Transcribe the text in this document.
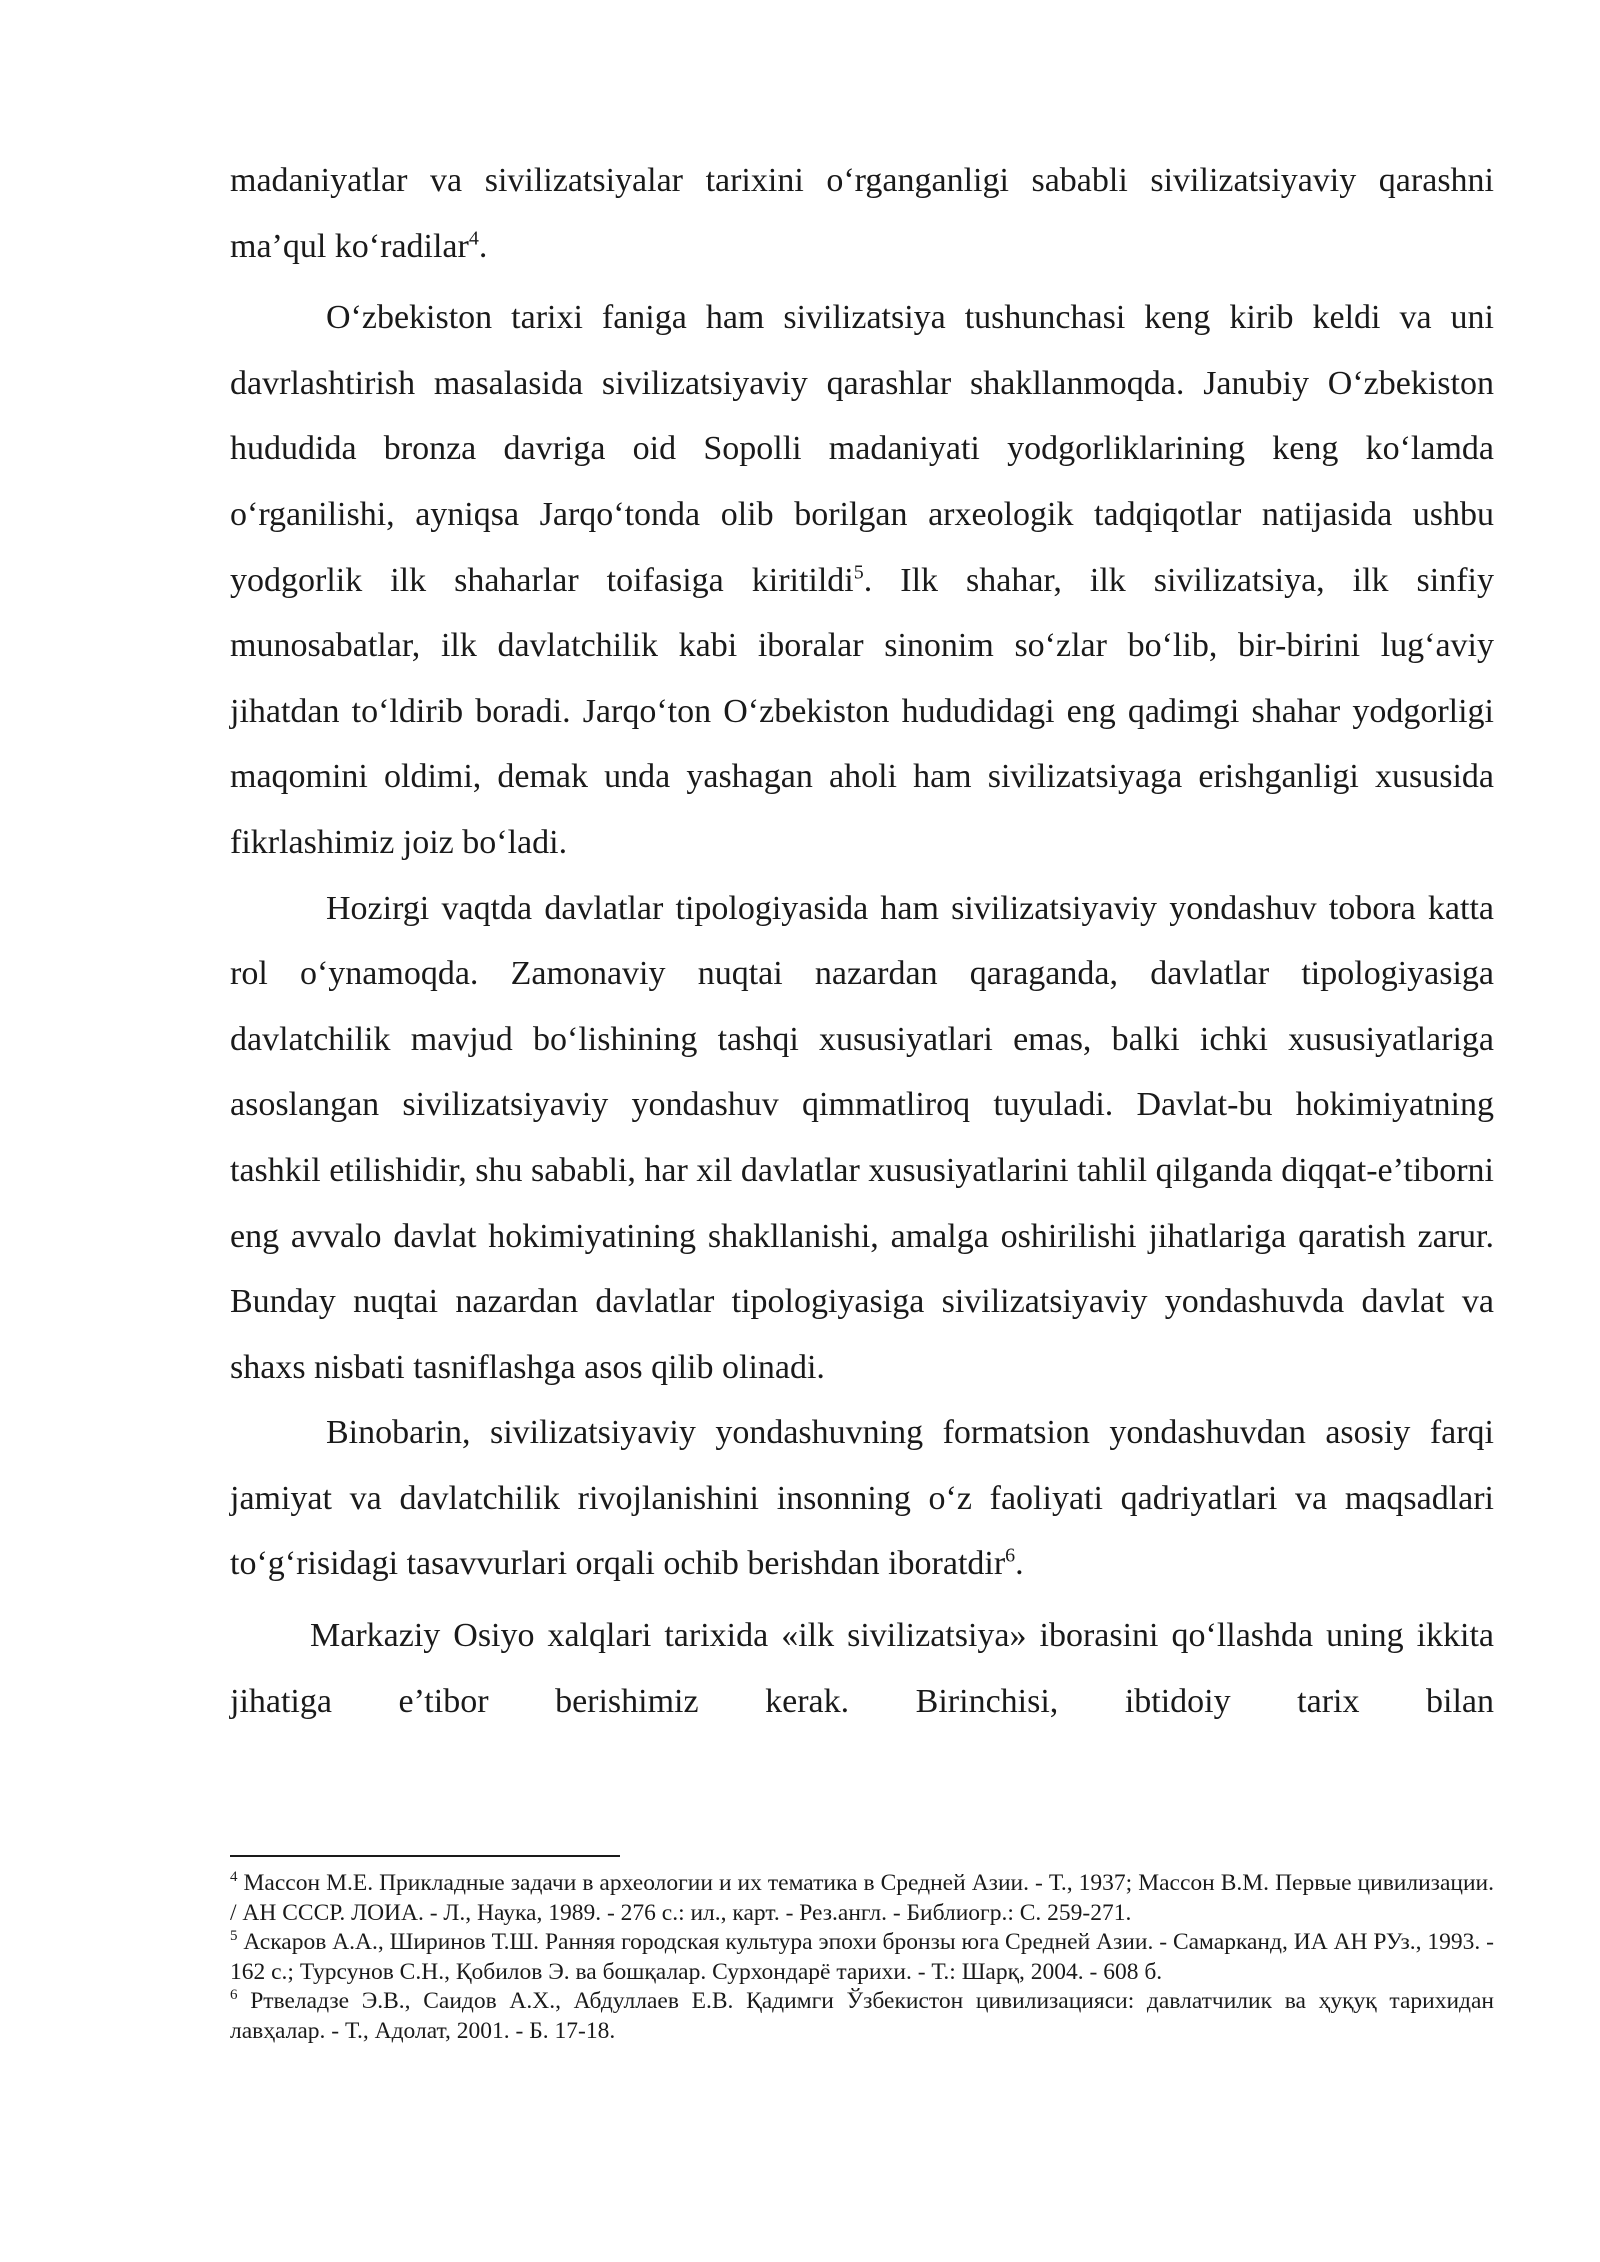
madaniyatlar va sivilizatsiyalar tarixini o‘rganganligi sababli sivilizatsiyaviy qarashni ma’qul ko‘radilar$^4$.

O‘zbekiston tarixi faniga ham sivilizatsiya tushunchasi keng kirib keldi va uni davrlashtirish masalasida sivilizatsiyaviy qarashlar shakllanmoqda. Janubiy O‘zbekiston hududida bronza davriga oid Sopolli madaniyati yodgorliklarining keng ko‘lamda o‘rganilishi, ayniqsa Jarqo‘tonda olib borilgan arxeologik tadqiqotlar natijasida ushbu yodgorlik ilk shaharlar toifasiga kiritildi$^5$. Ilk shahar, ilk sivilizatsiya, ilk sinfiy munosabatlar, ilk davlatchilik kabi iboralar sinonim so‘zlar bo‘lib, bir-birini lug‘aviy jihatdan to‘ldirib boradi. Jarqo‘ton O‘zbekiston hududidagi eng qadimgi shahar yodgorligi maqomini oldimi, demak unda yashagan aholi ham sivilizatsiyaga erishganligi xususida fikrlashimiz joiz bo‘ladi.

Hozirgi vaqtda davlatlar tipologiyasida ham sivilizatsiyaviy yondashuv tobora katta rol o‘ynamoqda. Zamonaviy nuqtai nazardan qaraganda, davlatlar tipologiyasiga davlatchilik mavjud bo‘lishining tashqi xususiyatlari emas, balki ichki xususiyatlariga asoslangan sivilizatsiyaviy yondashuv qimmatliroq tuyuladi. Davlat-bu hokimiyatning tashkil etilishidir, shu sababli, har xil davlatlar xususiyatlarini tahlil qilganda diqqat-e’tiborni eng avvalo davlat hokimiyatining shakllanishi, amalga oshirilishi jihatlariga qaratish zarur. Bunday nuqtai nazardan davlatlar tipologiyasiga sivilizatsiyaviy yondashuvda davlat va shaxs nisbati tasniflashga asos qilib olinadi.

Binobarin, sivilizatsiyaviy yondashuvning formatsion yondashuvdan asosiy farqi jamiyat va davlatchilik rivojlanishini insonning o‘z faoliyati qadriyatlari va maqsadlari to‘g‘risidagi tasavvurlari orqali ochib berishdan iboratdir$^6$.

Markaziy Osiyo xalqlari tarixida «ilk sivilizatsiya» iborasini qo‘llashda uning ikkita jihatiga e’tibor berishimiz kerak. Birinchisi, ibtidoiy tarix bilan

$^4$ Массон М.Е. Прикладные задачи в археологии и их тематика в Средней Азии. - Т., 1937; Массон В.М. Первые цивилизации. / АН СССР. ЛОИА. - Л., Наука, 1989. - 276 с.: ил., карт. - Рез.англ. - Библиогр.: С. 259-271.

$^5$ Аскаров А.А., Ширинов Т.Ш. Ранняя городская культура эпохи бронзы юга Средней Азии. - Самарканд, ИА АН РУз., 1993. - 162 с.; Турсунов С.Н., Қобилов Э. ва бошқалар. Сурхондарё тарихи. - Т.: Шарқ, 2004. - 608 б.

$^6$ Ртвеладзе Э.В., Саидов А.Х., Абдуллаев Е.В. Қадимги Ўзбекистон цивилизацияси: давлатчилик ва ҳуқуқ тарихидан лавҳалар. - Т., Адолат, 2001. - Б. 17-18.
